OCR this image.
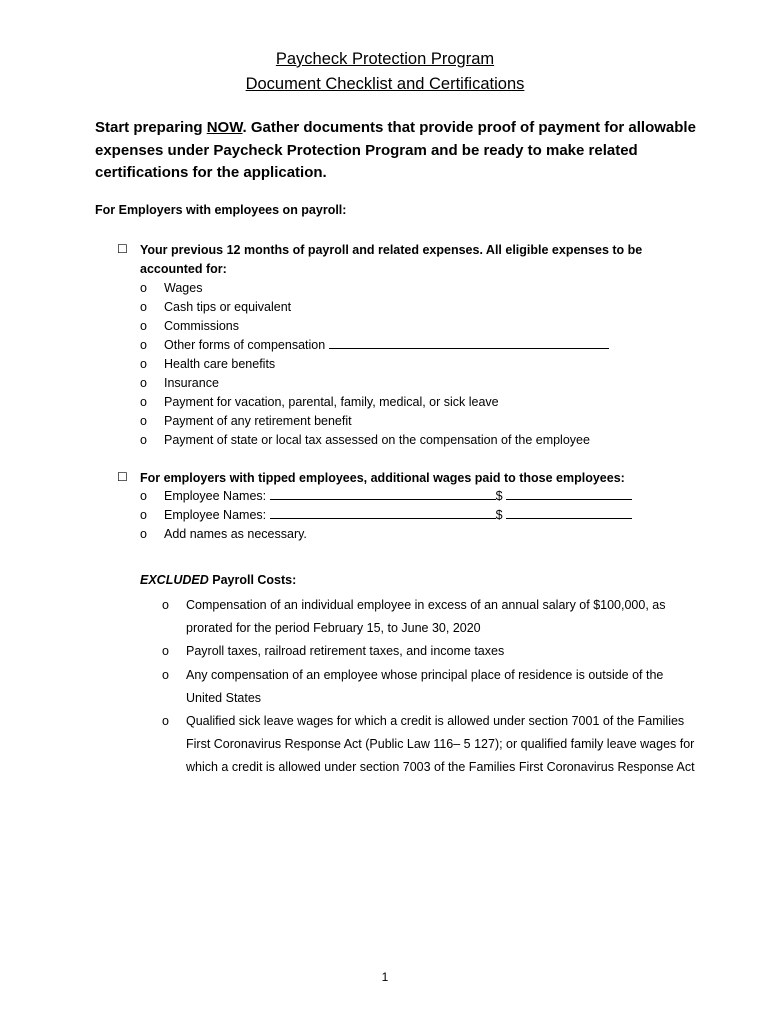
Paycheck Protection Program
Document Checklist and Certifications
Start preparing NOW. Gather documents that provide proof of payment for allowable expenses under Paycheck Protection Program and be ready to make related certifications for the application.
For Employers with employees on payroll:
☐ Your previous 12 months of payroll and related expenses. All eligible expenses to be accounted for:
o Wages
o Cash tips or equivalent
o Commissions
o Other forms of compensation
o Health care benefits
o Insurance
o Payment for vacation, parental, family, medical, or sick leave
o Payment of any retirement benefit
o Payment of state or local tax assessed on the compensation of the employee
☐ For employers with tipped employees, additional wages paid to those employees:
o Employee Names:	$
o Employee Names:	$
o Add names as necessary.
EXCLUDED Payroll Costs:
o Compensation of an individual employee in excess of an annual salary of $100,000, as prorated for the period February 15, to June 30, 2020
o Payroll taxes, railroad retirement taxes, and income taxes
o Any compensation of an employee whose principal place of residence is outside of the United States
o Qualified sick leave wages for which a credit is allowed under section 7001 of the Families First Coronavirus Response Act (Public Law 116– 5 127); or qualified family leave wages for which a credit is allowed under section 7003 of the Families First Coronavirus Response Act
1
